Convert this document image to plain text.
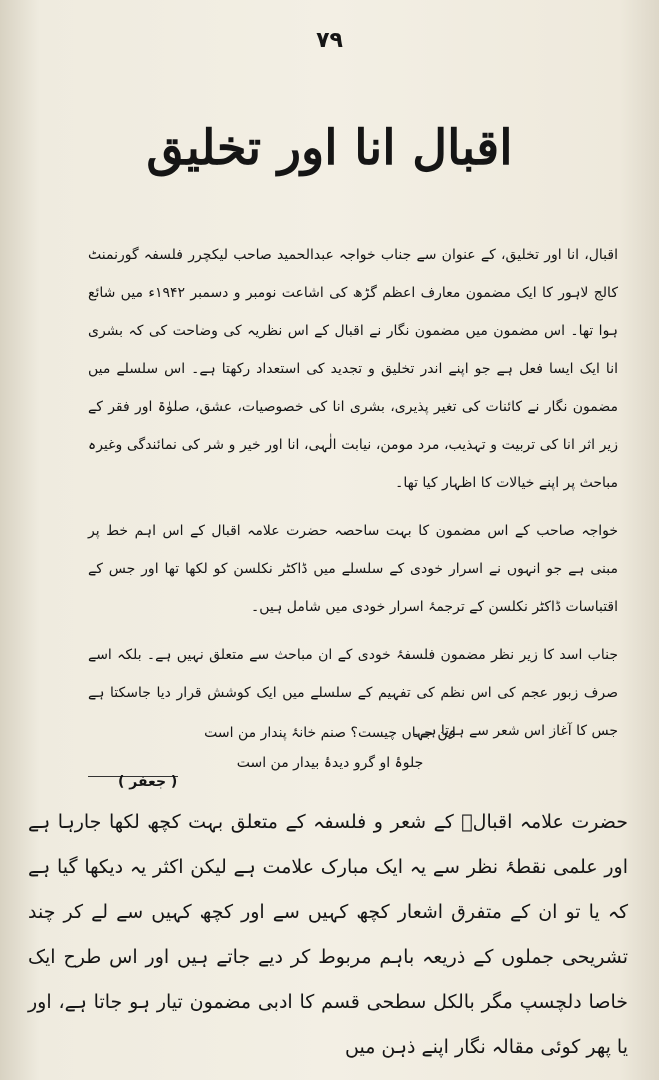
۷۹
اقبال انا اور تخلیق

اقبال، انا اور تخلیق، کے عنوان سے جناب خواجہ عبدالحمید صاحب لیکچرر فلسفہ گورنمنٹ کالج لاہور کا ایک مضمون معارف اعظم گڑھ کی اشاعت نومبر و دسمبر ۱۹۴۲ء میں شائع ہوا تھا۔ اس مضمون میں مضمون نگار نے اقبال کے اس نظریہ کی وضاحت کی کہ بشری انا ایک ایسا فعل ہے جو اپنے اندر تخلیق و تجدید کی استعداد رکھتا ہے۔ اس سلسلے میں مضمون نگار نے کائنات کی تغیر پذیری، بشری انا کی خصوصیات، عشق، صلوٰۃ اور فقر کے زیر اثر انا کی تربیت و تہذیب، مرد مومن، نیابت الٰہی، انا اور خیر و شر کی نمائندگی وغیرہ مباحث پر اپنے خیالات کا اظہار کیا تھا۔

خواجہ صاحب کے اس مضمون کا بہت ساحصہ حضرت علامہ اقبال کے اس اہم خط پر مبنی ہے جو انہوں نے اسرار خودی کے سلسلے میں ڈاکٹر نکلسن کو لکھا تھا اور جس کے اقتباسات ڈاکٹر نکلسن کے ترجمۂ اسرار خودی میں شامل ہیں۔

جناب اسد کا زیر نظر مضمون فلسفۂ خودی کے ان مباحث سے متعلق نہیں ہے۔ بلکہ اسے صرف زبور عجم کی اس نظم کی تفہیم کے سلسلے میں ایک کوشش قرار دیا جاسکتا ہے جس کا آغاز اس شعر سے ہوتا ہے۔

این جہاں چیست؟ صنم خانۂ پندار من است
جلوۂ او گرو دیدۂ بیدار من است
( جعفر )
حضرت علامہ اقبالؒ کے شعر و فلسفہ کے متعلق بہت کچھ لکھا جارہا ہے اور علمی نقطۂ نظر سے یہ ایک مبارک علامت ہے لیکن اکثر یہ دیکھا گیا ہے کہ یا تو ان کے متفرق اشعار کچھ کہیں سے اور کچھ کہیں سے لے کر چند تشریحی جملوں کے ذریعہ باہم مربوط کر دیے جاتے ہیں اور اس طرح ایک خاصا دلچسپ مگر بالکل سطحی قسم کا ادبی مضمون تیار ہو جاتا ہے، اور یا پھر کوئی مقالہ نگار اپنے ذہن میں
